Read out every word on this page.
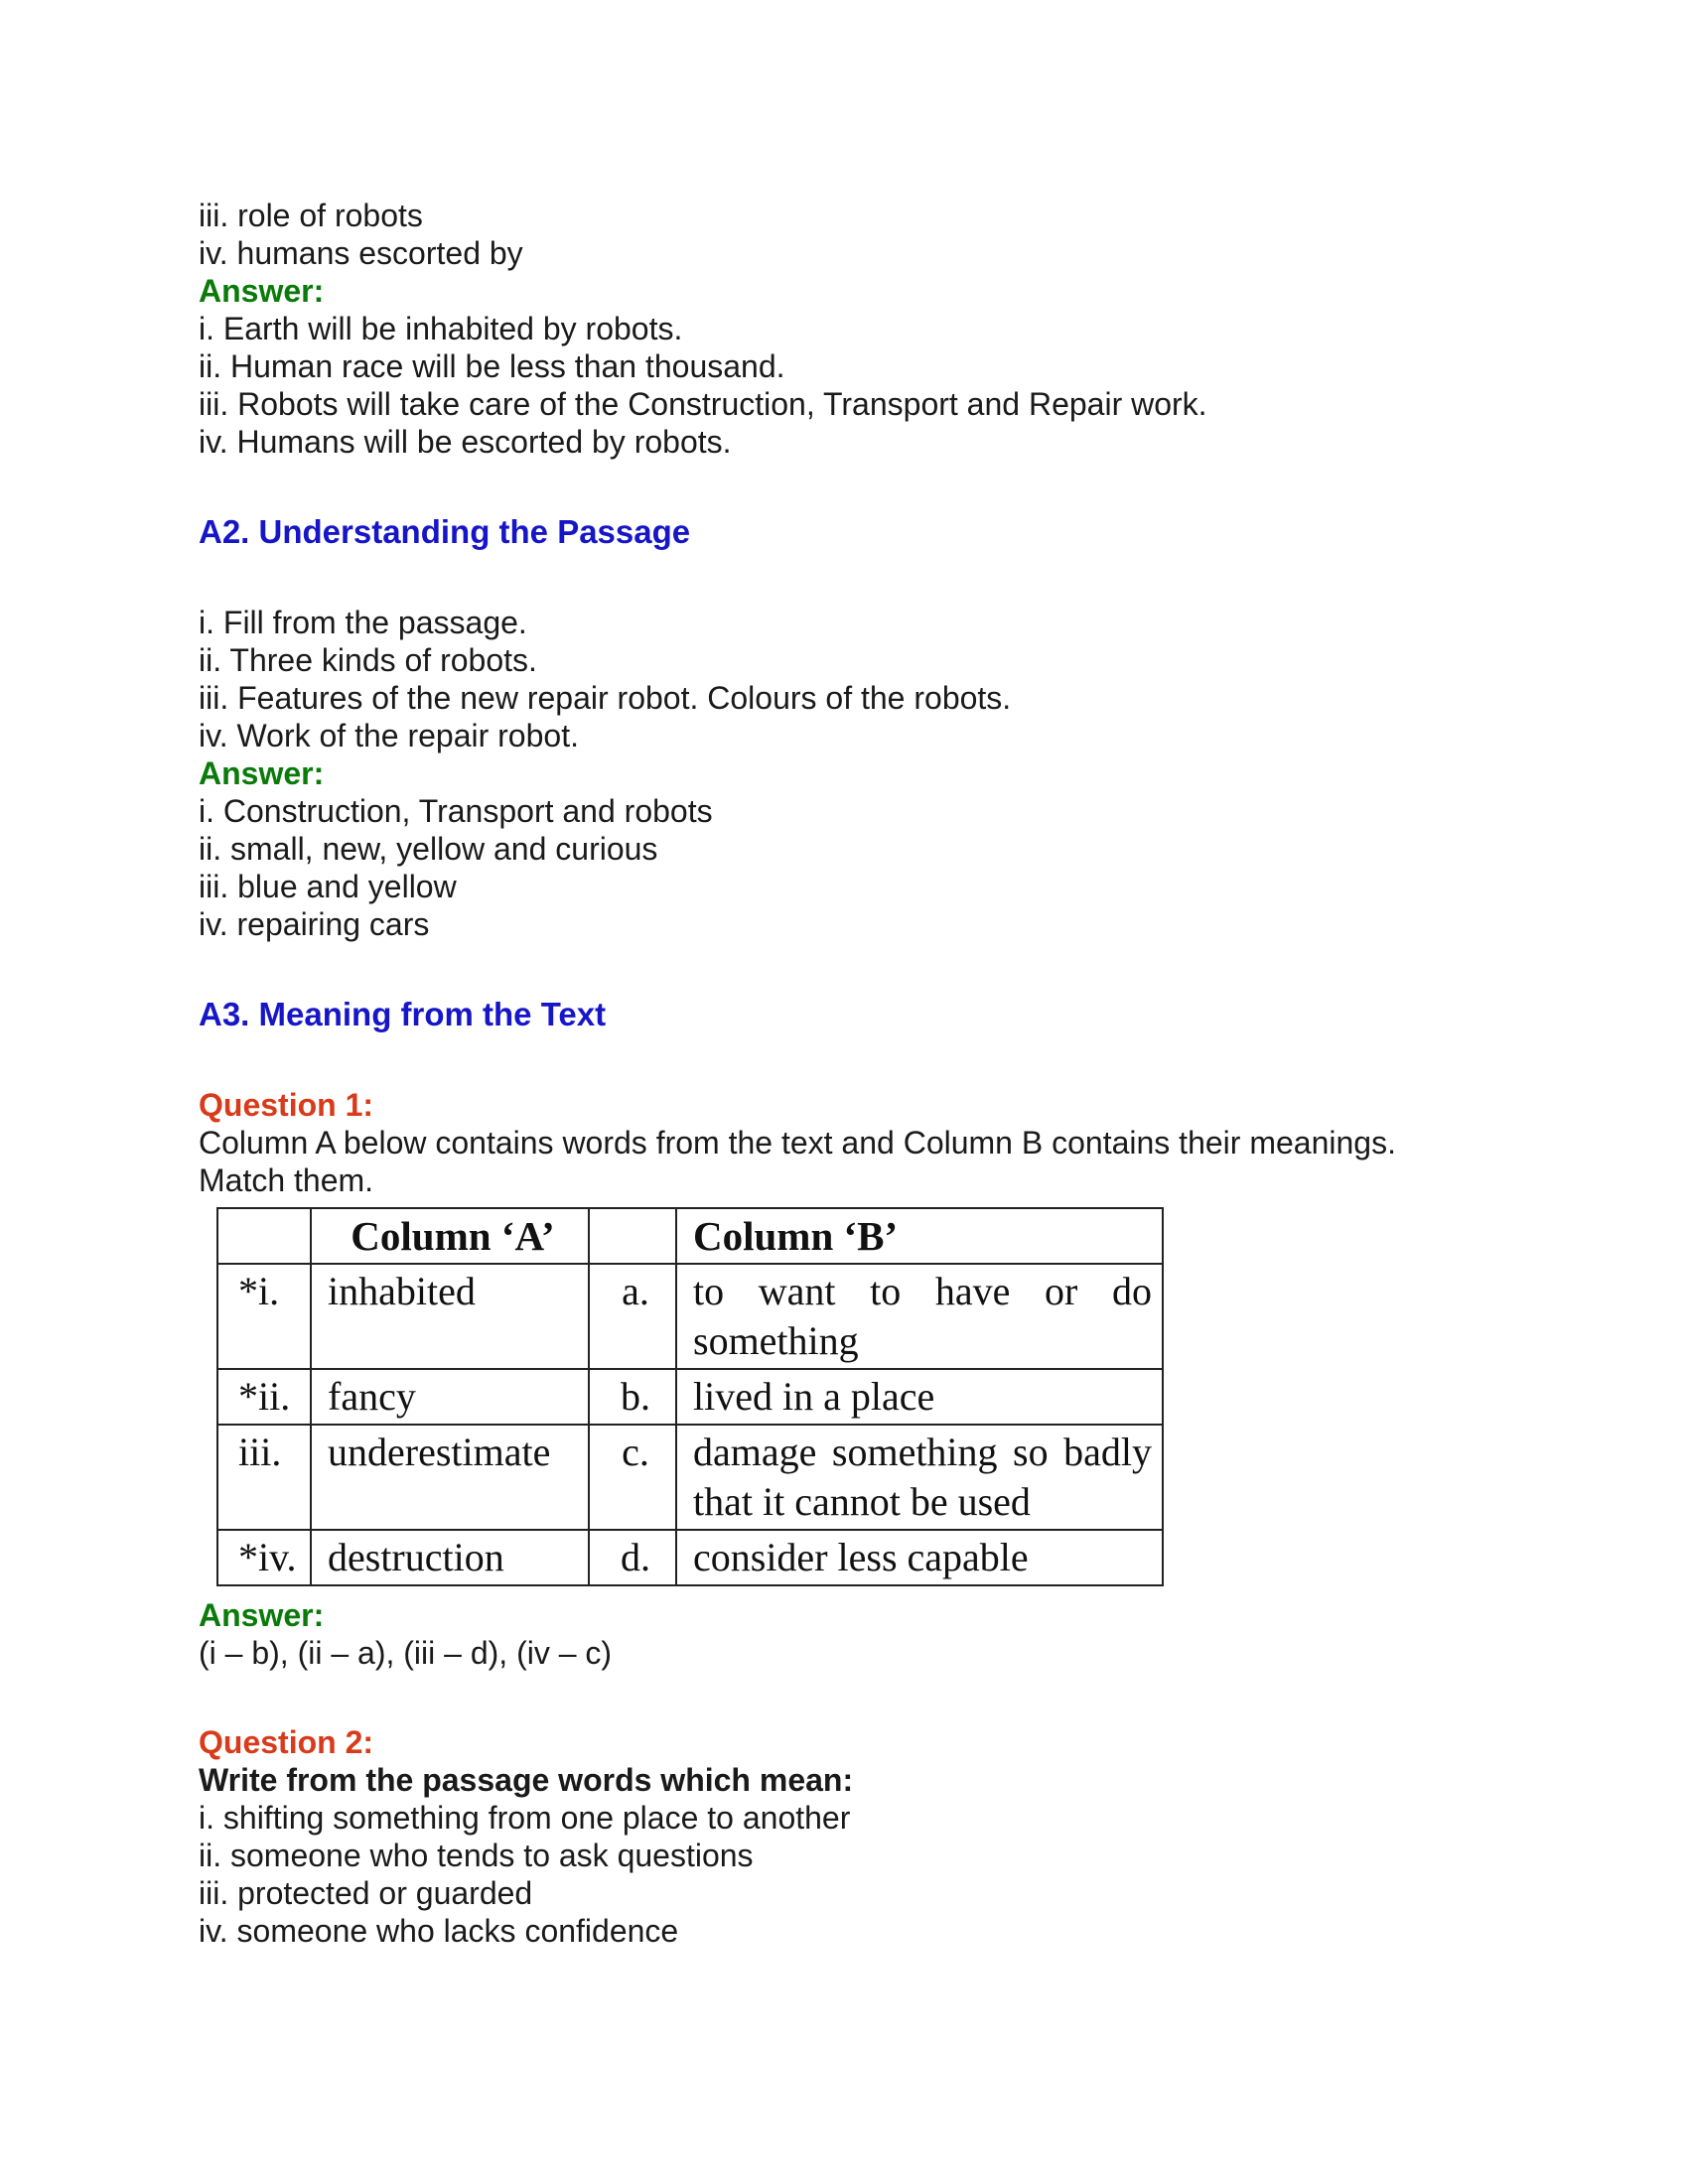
iii. role of robots

iv. humans escorted by

Answer:

i. Earth will be inhabited by robots.

ii. Human race will be less than thousand.

iii. Robots will take care of the Construction, Transport and Repair work.

iv. Humans will be escorted by robots.

A2. Understanding the Passage

i. Fill from the passage.

ii. Three kinds of robots.

iii. Features of the new repair robot. Colours of the robots.

iv. Work of the repair robot.

Answer:

i. Construction, Transport and robots

ii. small, new, yellow and curious

iii. blue and yellow

iv. repairing cars

A3. Meaning from the Text

Question 1:

Column A below contains words from the text and Column B contains their meanings.

Match them.

	Column ‘A’		Column ‘B’
*i.	inhabited	a.	to want to have or do something
*ii.	fancy	b.	lived in a place
iii.	underestimate	c.	damage something so badly that it cannot be used
*iv.	destruction	d.	consider less capable

Answer:

(i – b), (ii – a), (iii – d), (iv – c)

Question 2:

Write from the passage words which mean:

i. shifting something from one place to another

ii. someone who tends to ask questions

iii. protected or guarded

iv. someone who lacks confidence
